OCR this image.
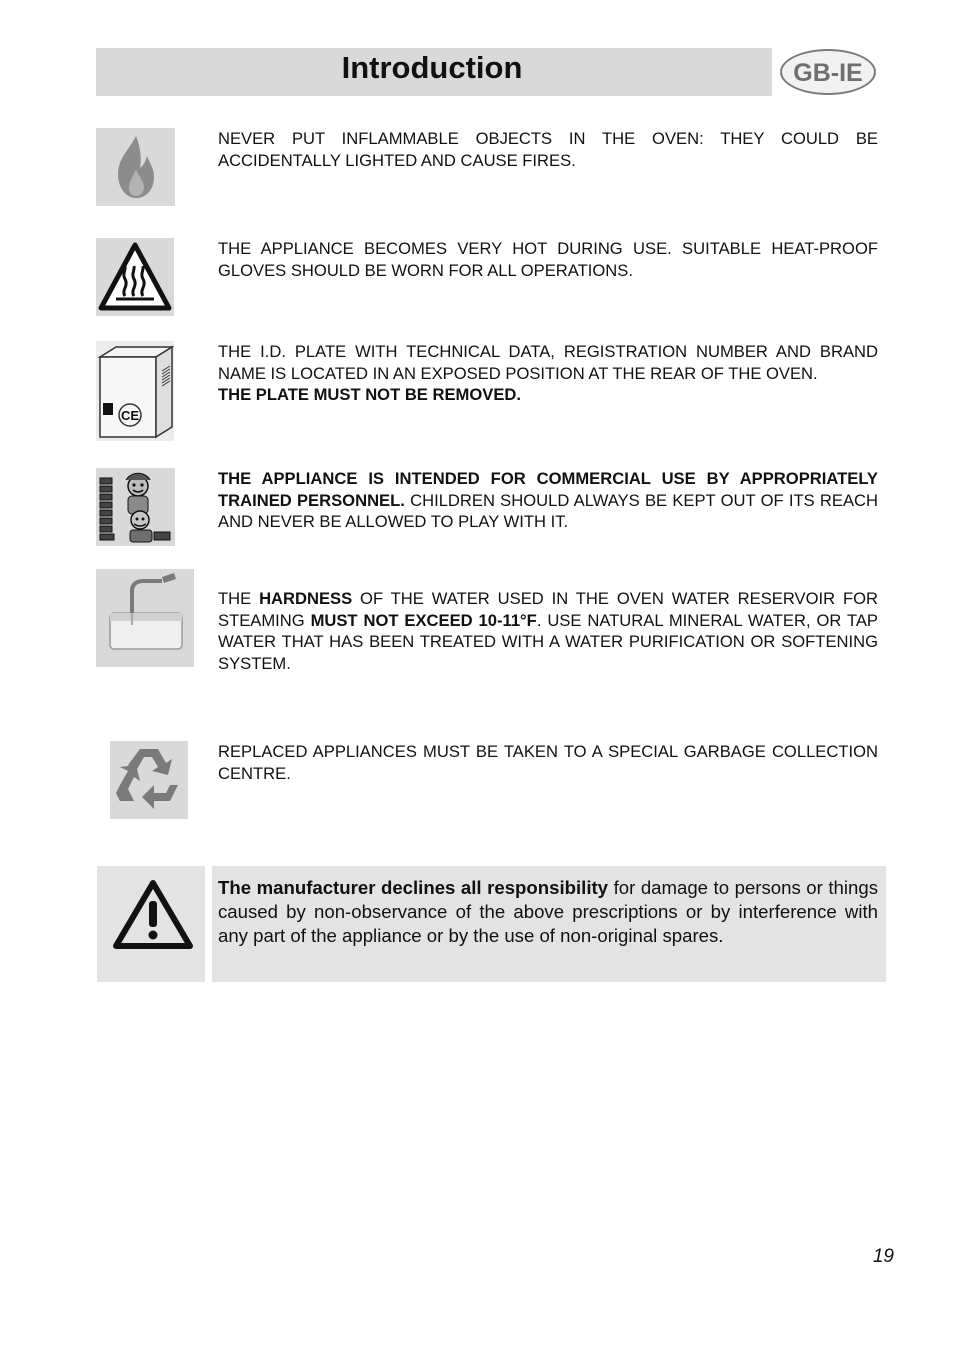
Introduction	GB-IE

NEVER PUT INFLAMMABLE OBJECTS IN THE OVEN: THEY COULD BE ACCIDENTALLY LIGHTED AND CAUSE FIRES.

THE APPLIANCE BECOMES VERY HOT DURING USE. SUITABLE HEAT-PROOF GLOVES SHOULD BE WORN FOR ALL OPERATIONS.

CE

THE I.D. PLATE WITH TECHNICAL DATA, REGISTRATION NUMBER AND BRAND NAME IS LOCATED IN AN EXPOSED POSITION AT THE REAR OF THE OVEN.
THE PLATE MUST NOT BE REMOVED.

THE APPLIANCE IS INTENDED FOR COMMERCIAL USE BY APPROPRIATELY TRAINED PERSONNEL. CHILDREN SHOULD ALWAYS BE KEPT OUT OF ITS REACH AND NEVER BE ALLOWED TO PLAY WITH IT.

THE HARDNESS OF THE WATER USED IN THE OVEN WATER RESERVOIR FOR STEAMING MUST NOT EXCEED 10-11°F. USE NATURAL MINERAL WATER, OR TAP WATER THAT HAS BEEN TREATED WITH A WATER PURIFICATION OR SOFTENING SYSTEM.

REPLACED APPLIANCES MUST BE TAKEN TO A SPECIAL GARBAGE COLLECTION CENTRE.

The manufacturer declines all responsibility for damage to persons or things caused by non-observance of the above prescriptions or by interference with any part of the appliance or by the use of non-original spares.

19
